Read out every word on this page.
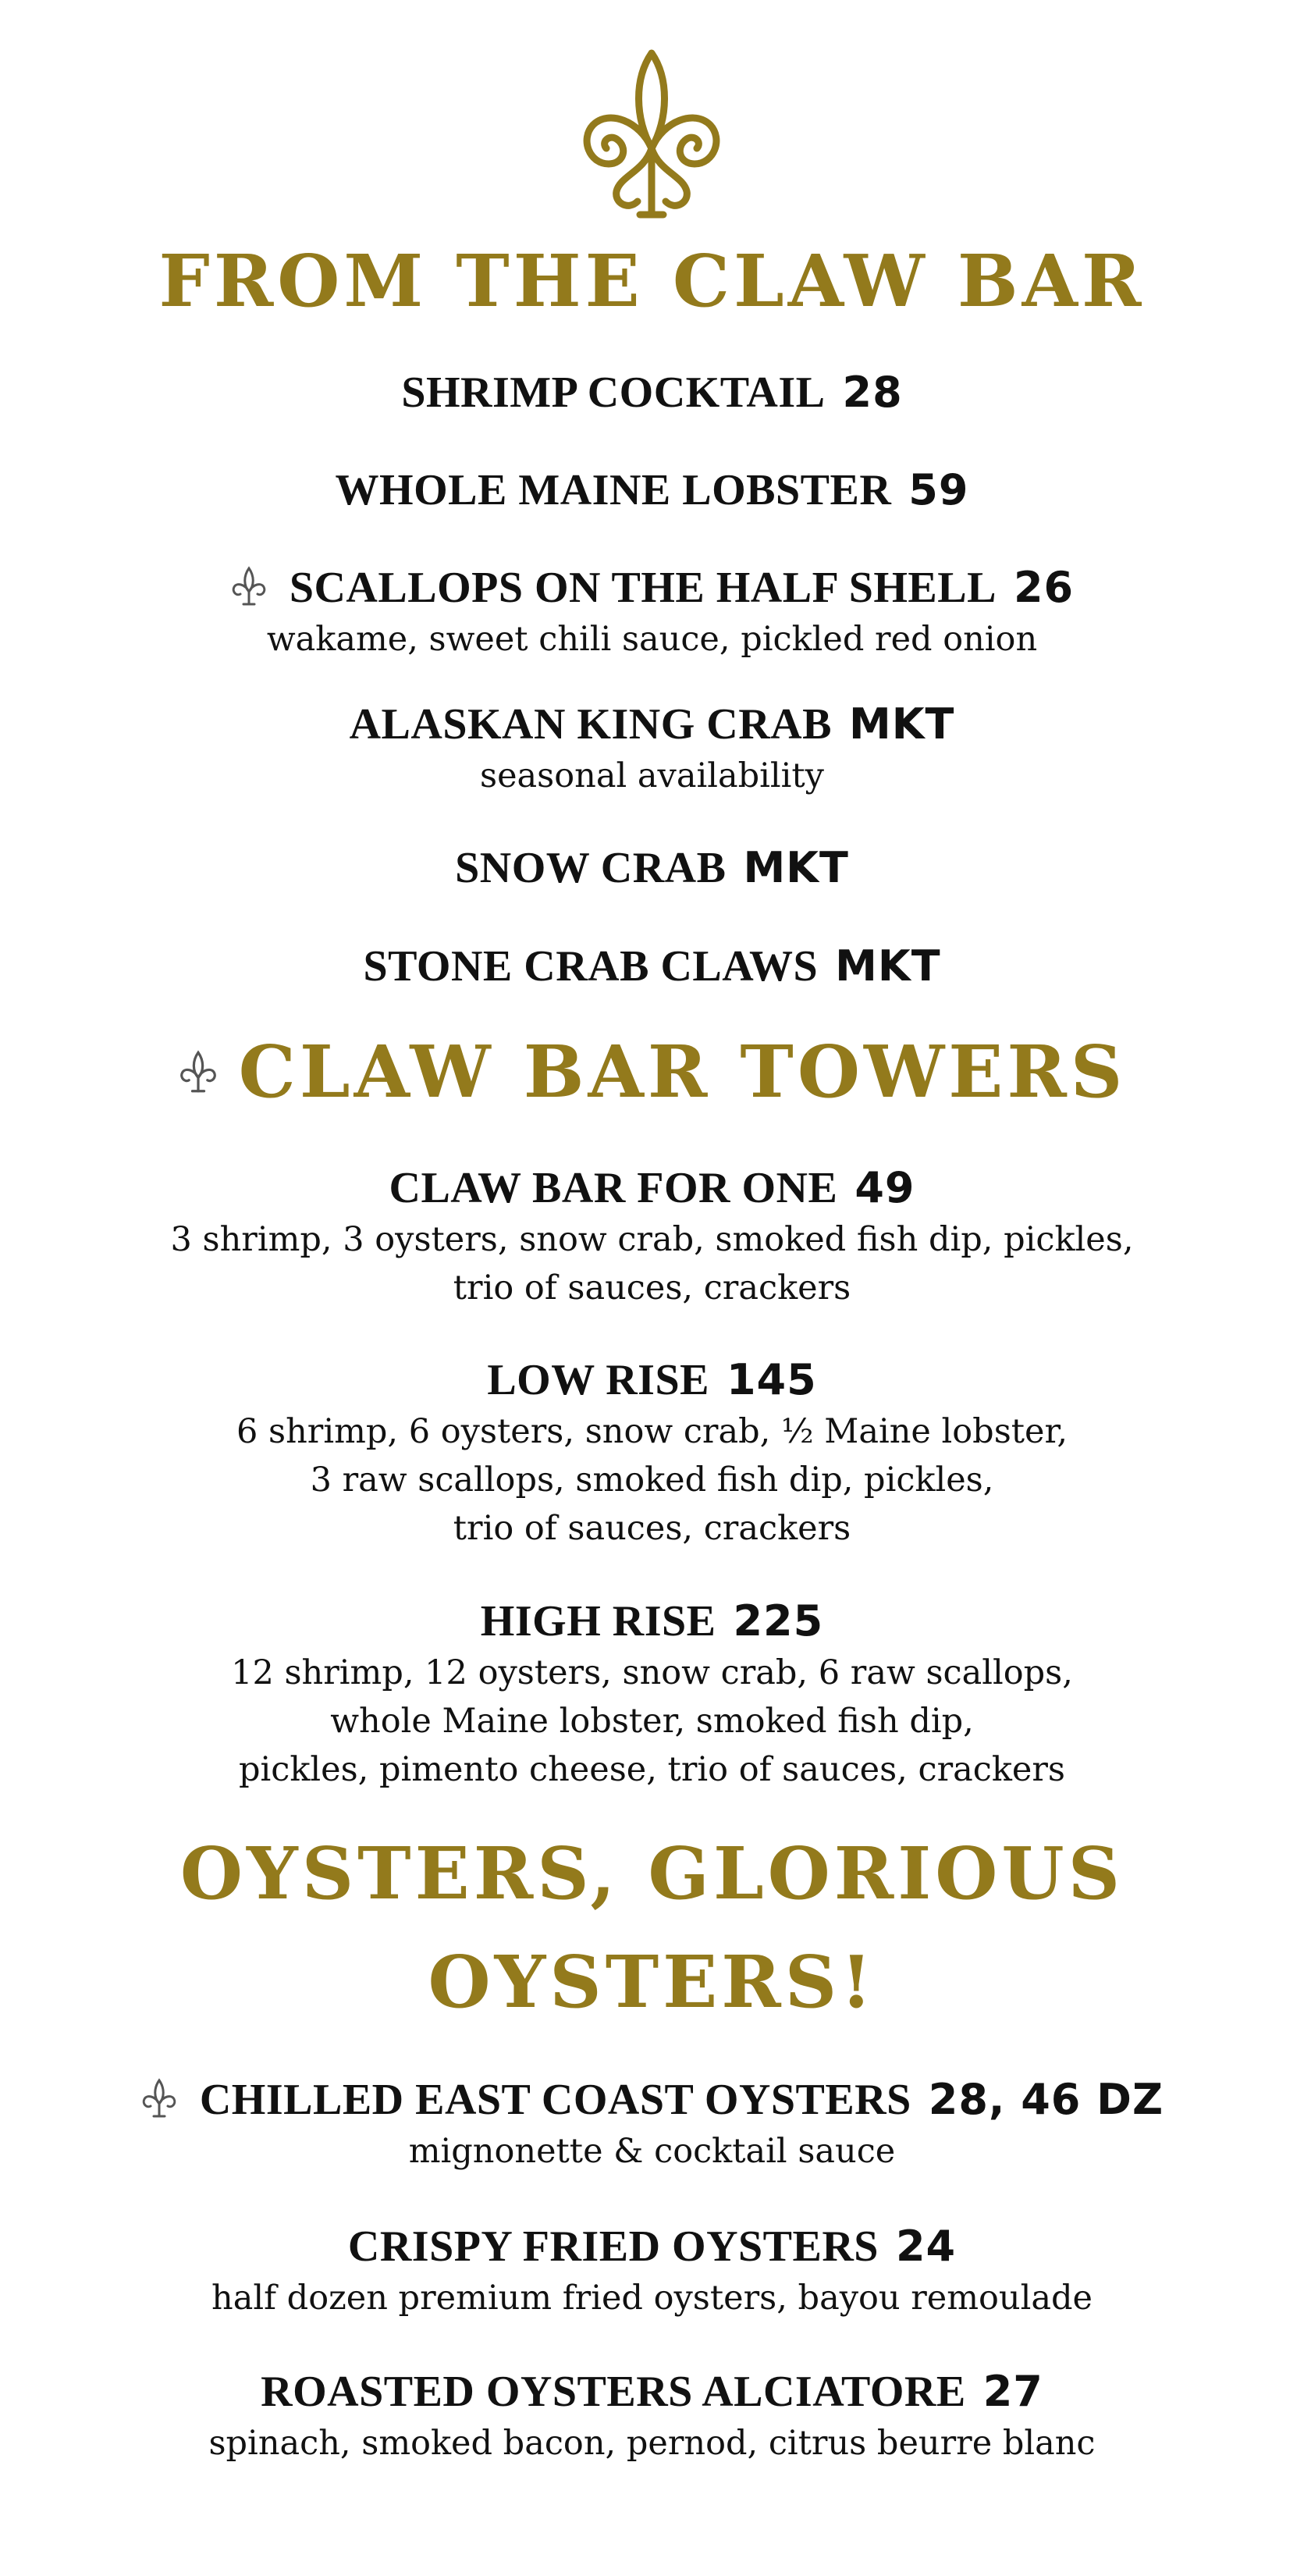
FROM THE CLAW BAR
SHRIMP COCKTAIL 28
WHOLE MAINE LOBSTER 59
SCALLOPS ON THE HALF SHELL 26
wakame, sweet chili sauce, pickled red onion
ALASKAN KING CRAB MKT
seasonal availability
SNOW CRAB MKT
STONE CRAB CLAWS MKT
CLAW BAR TOWERS
CLAW BAR FOR ONE 49
3 shrimp, 3 oysters, snow crab, smoked fish dip, pickles,
trio of sauces, crackers
LOW RISE 145
6 shrimp, 6 oysters, snow crab, ½ Maine lobster,
3 raw scallops, smoked fish dip, pickles,
trio of sauces, crackers
HIGH RISE 225
12 shrimp, 12 oysters, snow crab, 6 raw scallops,
whole Maine lobster, smoked fish dip,
pickles, pimento cheese, trio of sauces, crackers
OYSTERS, GLORIOUS
OYSTERS!
CHILLED EAST COAST OYSTERS 28, 46 DZ
mignonette & cocktail sauce
CRISPY FRIED OYSTERS 24
half dozen premium fried oysters, bayou remoulade
ROASTED OYSTERS ALCIATORE 27
spinach, smoked bacon, pernod, citrus beurre blanc
